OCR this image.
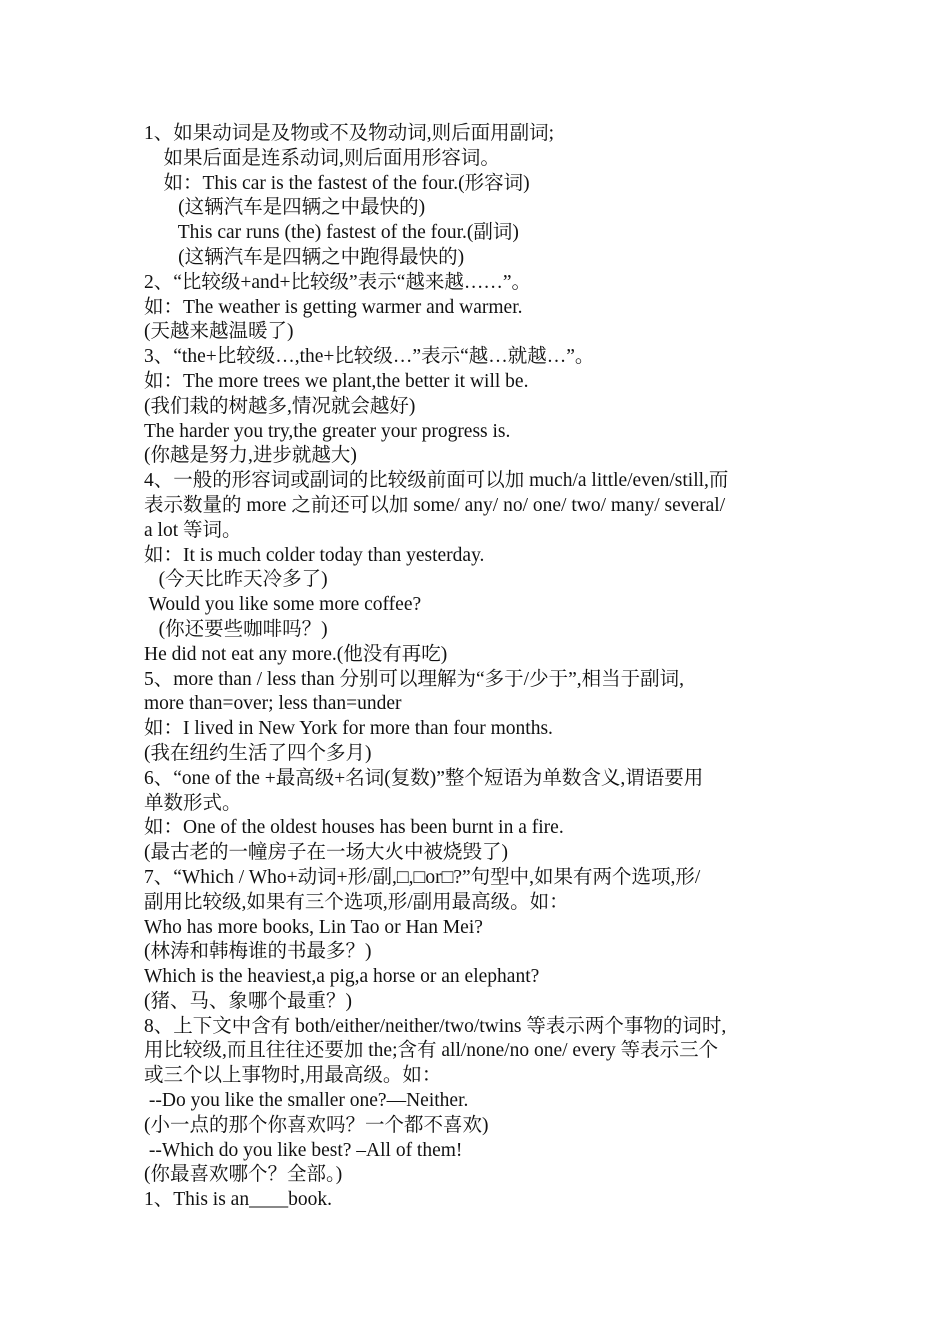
1、如果动词是及物或不及物动词,则后面用副词;
如果后面是连系动词,则后面用形容词。
如：This car is the fastest of the four.(形容词)
(这辆汽车是四辆之中最快的)
This car runs (the) fastest of the four.(副词)
(这辆汽车是四辆之中跑得最快的)
2、“比较级+and+比较级”表示“越来越……”。
如：The weather is getting warmer and warmer.
(天越来越温暖了)
3、“the+比较级…,the+比较级…”表示“越…就越…”。
如：The more trees we plant,the better it will be.
(我们栽的树越多,情况就会越好)
The harder you try,the greater your progress is.
(你越是努力,进步就越大)
4、一般的形容词或副词的比较级前面可以加 much/a little/even/still,而
表示数量的 more 之前还可以加 some/ any/ no/ one/ two/ many/ several/
a lot 等词。
如：It is much colder today than yesterday.
(今天比昨天冷多了)
Would you like some more coffee?
(你还要些咖啡吗？)
He did not eat any more.(他没有再吃)
5、more than / less than 分别可以理解为“多于/少于”,相当于副词,
more than=over; less than=under
如：I lived in New York for more than four months.
(我在纽约生活了四个多月)
6、“one of the +最高级+名词(复数)”整个短语为单数含义,谓语要用
单数形式。
如：One of the oldest houses has been burnt in a fire.
(最古老的一幢房子在一场大火中被烧毁了)
7、“Which / Who+动词+形/副,□,□or□?”句型中,如果有两个选项,形/
副用比较级,如果有三个选项,形/副用最高级。如：
Who has more books, Lin Tao or Han Mei?
(林涛和韩梅谁的书最多？)
Which is the heaviest,a pig,a horse or an elephant?
(猪、马、象哪个最重？)
8、上下文中含有 both/either/neither/two/twins 等表示两个事物的词时,
用比较级,而且往往还要加 the;含有 all/none/no one/ every 等表示三个
或三个以上事物时,用最高级。如：
--Do you like the smaller one?—Neither.
(小一点的那个你喜欢吗？一个都不喜欢)
--Which do you like best? –All of them!
(你最喜欢哪个？全部。)
1、This is an____book.
